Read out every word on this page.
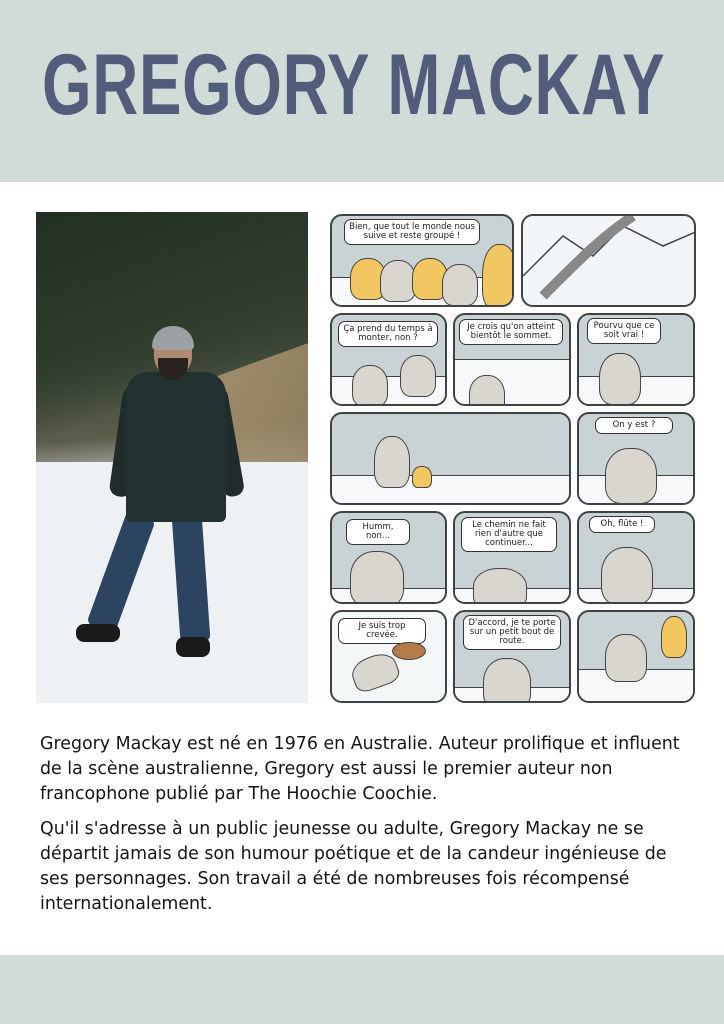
GREGORY MACKAY
Bien, que tout le monde nous suive et reste groupé !
Ça prend du temps à monter, non ?
Je crois qu'on atteint bientôt le sommet.
Pourvu que ce soit vrai !
On y est ?
Humm, non...
Le chemin ne fait rien d'autre que continuer...
Oh, flûte !
Je suis trop crevée.
D'accord, je te porte sur un petit bout de route.

Gregory Mackay est né en 1976 en Australie. Auteur prolifique et influent de la scène australienne, Gregory est aussi le premier auteur non francophone publié par The Hoochie Coochie.

Qu'il s'adresse à un public jeunesse ou adulte, Gregory Mackay ne se départit jamais de son humour poétique et de la candeur ingénieuse de ses personnages. Son travail a été de nombreuses fois récompensé internationalement.
